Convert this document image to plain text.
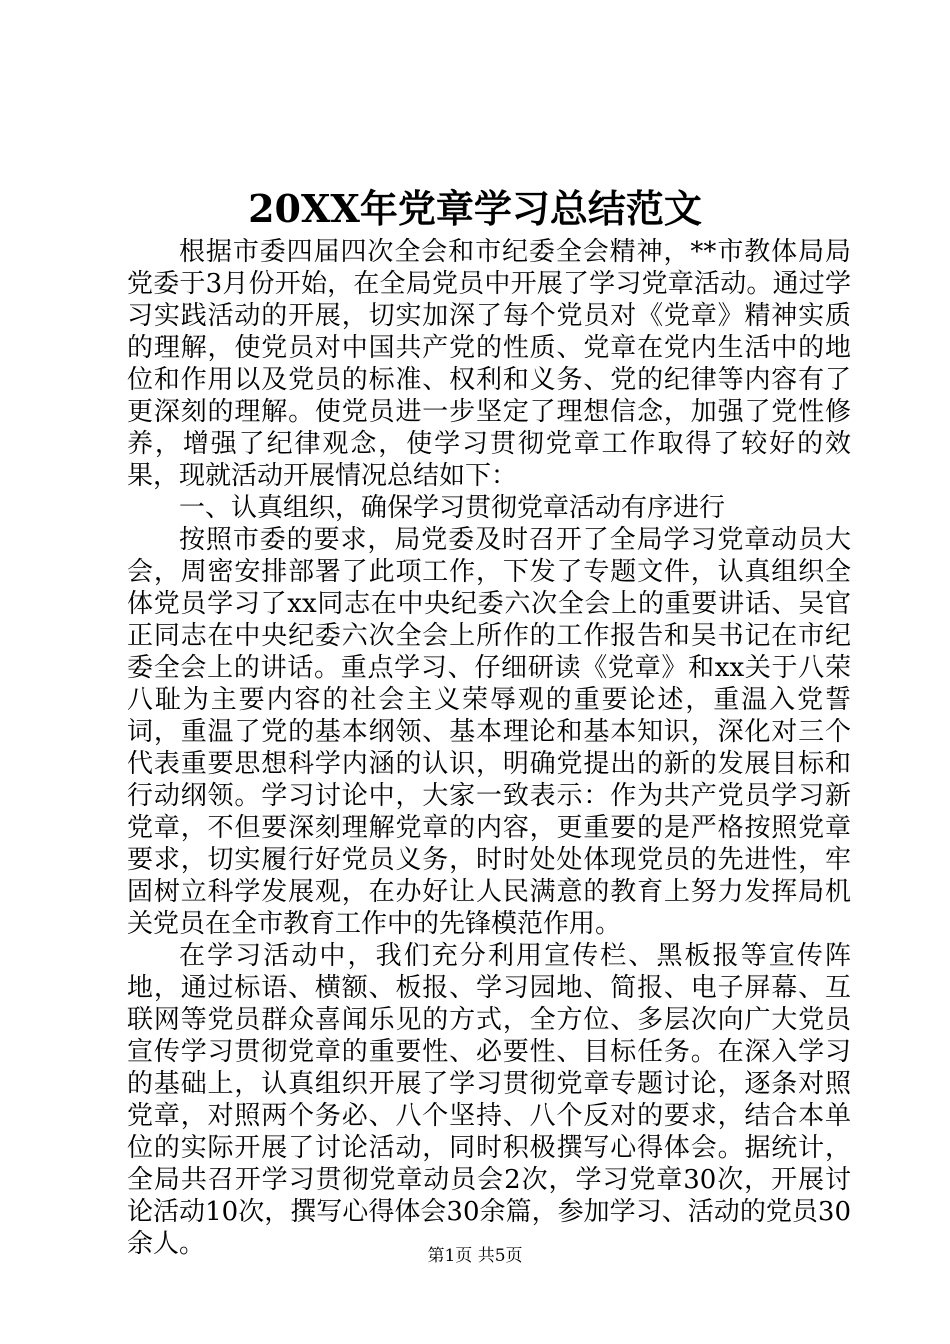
20XX年党章学习总结范文

根据市委四届四次全会和市纪委全会精神，**市教体局局党委于3月份开始，在全局党员中开展了学习党章活动。通过学习实践活动的开展，切实加深了每个党员对《党章》精神实质的理解，使党员对中国共产党的性质、党章在党内生活中的地位和作用以及党员的标准、权利和义务、党的纪律等内容有了更深刻的理解。使党员进一步坚定了理想信念，加强了党性修养，增强了纪律观念，使学习贯彻党章工作取得了较好的效果，现就活动开展情况总结如下：

一、认真组织，确保学习贯彻党章活动有序进行

按照市委的要求，局党委及时召开了全局学习党章动员大会，周密安排部署了此项工作，下发了专题文件，认真组织全体党员学习了xx同志在中央纪委六次全会上的重要讲话、吴官正同志在中央纪委六次全会上所作的工作报告和吴书记在市纪委全会上的讲话。重点学习、仔细研读《党章》和xx关于八荣八耻为主要内容的社会主义荣辱观的重要论述，重温入党誓词，重温了党的基本纲领、基本理论和基本知识，深化对三个代表重要思想科学内涵的认识，明确党提出的新的发展目标和行动纲领。学习讨论中，大家一致表示：作为共产党员学习新党章，不但要深刻理解党章的内容，更重要的是严格按照党章要求，切实履行好党员义务，时时处处体现党员的先进性，牢固树立科学发展观，在办好让人民满意的教育上努力发挥局机关党员在全市教育工作中的先锋模范作用。

在学习活动中，我们充分利用宣传栏、黑板报等宣传阵地，通过标语、横额、板报、学习园地、简报、电子屏幕、互联网等党员群众喜闻乐见的方式，全方位、多层次向广大党员宣传学习贯彻党章的重要性、必要性、目标任务。在深入学习的基础上，认真组织开展了学习贯彻党章专题讨论，逐条对照党章，对照两个务必、八个坚持、八个反对的要求，结合本单位的实际开展了讨论活动，同时积极撰写心得体会。据统计，全局共召开学习贯彻党章动员会2次，学习党章30次，开展讨论活动10次，撰写心得体会30余篇，参加学习、活动的党员30余人。	第1页 共5页
